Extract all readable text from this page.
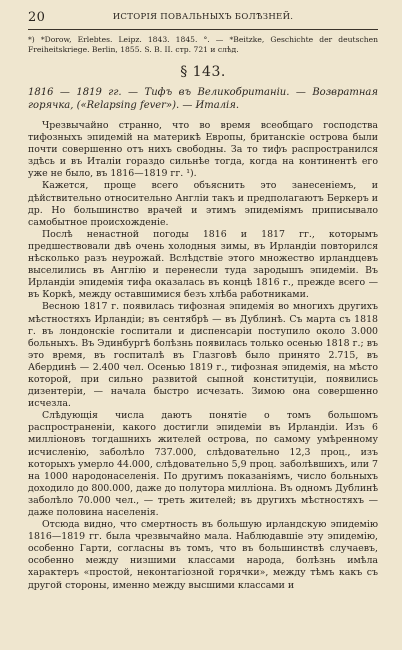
20	ИСТОРІЯ ПОВАЛЬНЫХЪ БОЛѢЗНЕЙ.
*) *Dorow, Erlebtes. Leipz. 1843. 1845. °. — *Beitzke, Geschichte der deutschen Freiheitskriege. Berlin, 1855. S. B. II. стр. 721 и слѣд.
§ 143.
1816 — 1819 гг. — Тифъ въ Великобританіи. — Возвратная горячка, («Relapsing fever»). — Италія.

Чрезвычайно странно, что во время всеобщаго господства тифозныхъ эпидемій на материкѣ Европы, британскіе острова были почти совершенно отъ нихъ свободны. За то тифъ распространился здѣсь и въ Италіи гораздо сильнѣе тогда, когда на континентѣ его уже не было, въ 1816—1819 гг. ¹).

Кажется, проще всего объяснить это занесеніемъ, и дѣйствительно относительно Англіи такъ и предполагаютъ Беркеръ и др. Но большинство врачей и этимъ эпидеміямъ приписывало самобытное происхожденіе.

Послѣ ненастной погоды 1816 и 1817 гг., которымъ предшествовали двѣ очень холодныя зимы, въ Ирландіи повторился нѣсколько разъ неурожай. Вслѣдствіе этого множество ирландцевъ выселились въ Англію и перенесли туда зародышъ эпидеміи. Въ Ирландіи эпидемія тифа оказалась въ концѣ 1816 г., прежде всего — въ Коркѣ, между оставшимися безъ хлѣба работниками.

Весною 1817 г. появилась тифозная эпидемія во многихъ другихъ мѣстностяхъ Ирландіи; въ сентябрѣ — въ Дублинѣ. Съ марта съ 1818 г. въ лондонскіе госпитали и диспенсаріи поступило около 3.000 больныхъ. Въ Эдинбургѣ болѣзнь появилась только осенью 1818 г.; въ это время, въ госпиталѣ въ Глазговѣ было принято 2.715, въ Абердинѣ — 2.400 чел. Осенью 1819 г., тифозная эпидемія, на мѣсто которой, при сильно развитой сыпной конституціи, появились дизентеріи, — начала быстро исчезать. Зимою она совершенно исчезла.

Слѣдующія числа даютъ понятіе о томъ большомъ распространеніи, какого достигли эпидеміи въ Ирландіи. Изъ 6 милліоновъ тогдашнихъ жителей острова, по самому умѣренному исчисленію, заболѣло 737.000, слѣдовательно 12,3 проц., изъ которыхъ умерло 44.000, слѣдовательно 5,9 проц. заболѣвшихъ, или 7 на 1000 народонаселенія. По другимъ показаніямъ, число больныхъ доходило до 800.000, даже до полутора милліона. Въ одномъ Дублинѣ заболѣло 70.000 чел., — треть жителей; въ другихъ мѣстностяхъ — даже половина населенія.

Отсюда видно, что смертность въ большую ирландскую эпидемію 1816—1819 гг. была чрезвычайно мала. Наблюдавшіе эту эпидемію, особенно Гарти, согласны въ томъ, что въ большинствѣ случаевъ, особенно между низшими классами народа, болѣзнь имѣла характеръ «простой, неконтагіозной горячки», между тѣмъ какъ съ другой стороны, именно между высшими классами и
